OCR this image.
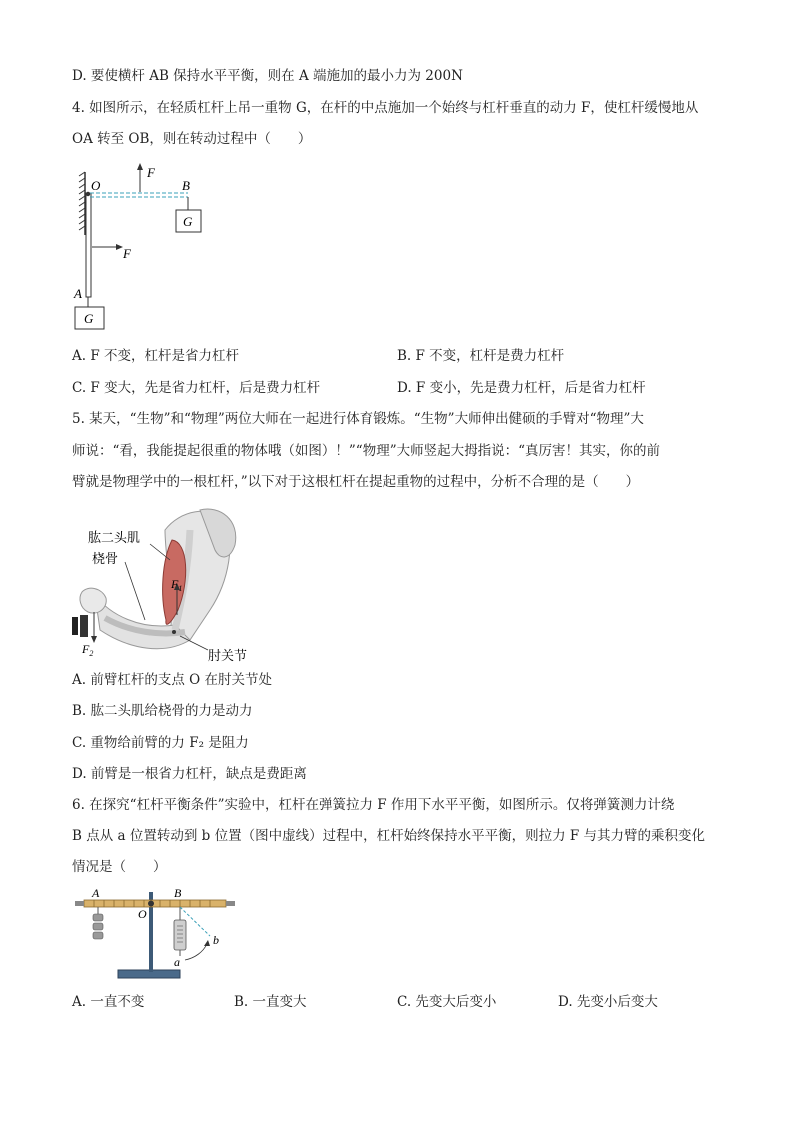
D. 要使横杆 AB 保持水平平衡，则在 A 端施加的最小力为 200N
4. 如图所示，在轻质杠杆上吊一重物 G，在杆的中点施加一个始终与杠杆垂直的动力 F，使杠杆缓慢地从
OA 转至 OB，则在转动过程中（　　）
O	B
F
G
F
A
G
A. F 不变，杠杆是省力杠杆	B. F 不变，杠杆是费力杠杆
C. F 变大，先是省力杠杆，后是费力杠杆	D. F 变小，先是费力杠杆，后是省力杠杆
5. 某天，“生物”和“物理”两位大师在一起进行体育锻炼。“生物”大师伸出健硕的手臂对“物理”大
师说：“看，我能提起很重的物体哦（如图）！”“物理”大师竖起大拇指说：“真厉害！其实，你的前
臂就是物理学中的一根杠杆，”以下对于这根杠杆在提起重物的过程中，分析不合理的是（　　）
肱二头肌
桡骨
$F_1$
$F_2$	肘关节
A. 前臂杠杆的支点 O 在肘关节处
B. 肱二头肌给桡骨的力是动力
C. 重物给前臂的力 F₂ 是阻力
D. 前臂是一根省力杠杆，缺点是费距离
6. 在探究“杠杆平衡条件”实验中，杠杆在弹簧拉力 F 作用下水平平衡，如图所示。仅将弹簧测力计绕
B 点从 a 位置转动到 b 位置（图中虚线）过程中，杠杆始终保持水平平衡，则拉力 F 与其力臂的乘积变化
情况是（　　）
A
O
B
a
b
A. 一直不变	B. 一直变大	C. 先变大后变小	D. 先变小后变大
